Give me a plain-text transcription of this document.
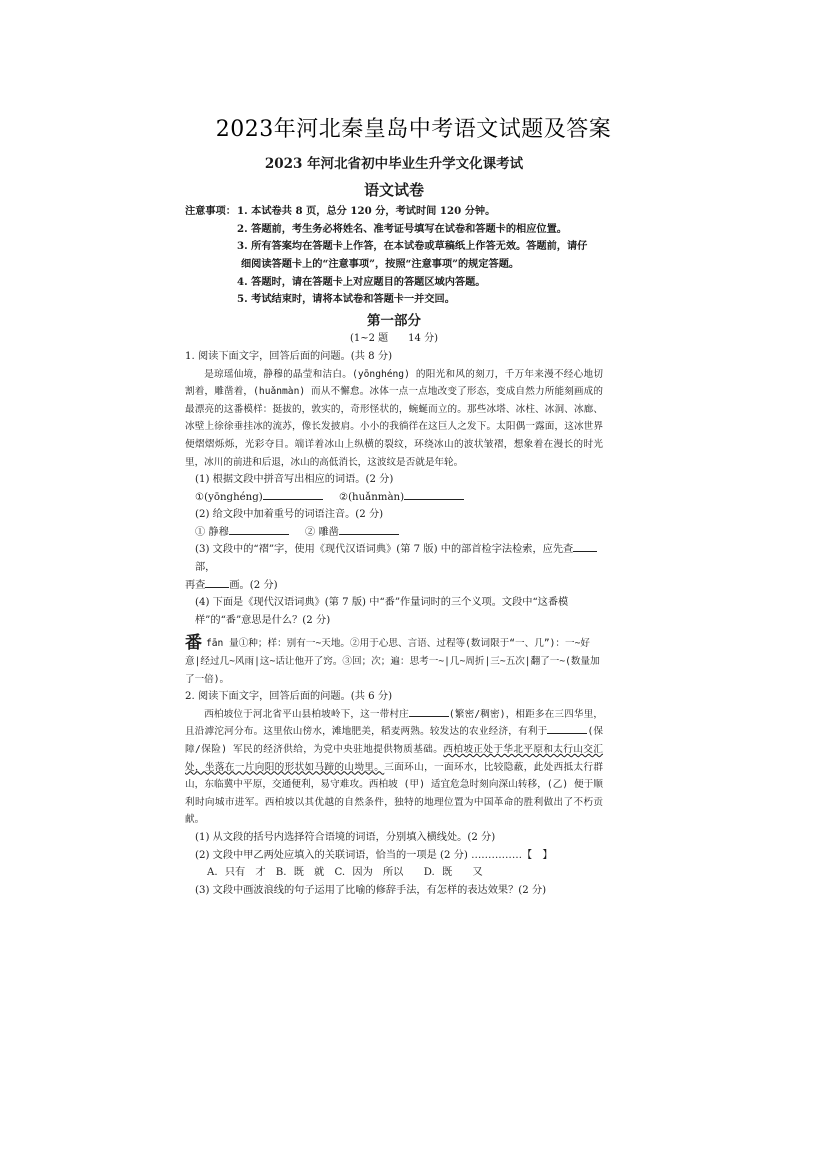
2023年河北秦皇岛中考语文试题及答案
2023 年河北省初中毕业生升学文化课考试
语文试卷
注意事项： 1. 本试卷共 8 页，总分 120 分，考试时间 120 分钟。
2. 答题前，考生务必将姓名、准考证号填写在试卷和答题卡的相应位置。
3. 所有答案均在答题卡上作答，在本试卷或草稿纸上作答无效。答题前，请仔
细阅读答题卡上的“注意事项”，按照“注意事项”的规定答题。
4. 答题时，请在答题卡上对应题目的答题区域内答题。
5. 考试结束时，请将本试卷和答题卡一并交回。
第一部分
(1~2 题　　14 分)
1. 阅读下面文字，回答后面的问题。(共 8 分)
是琼瑶仙境，静穆的晶莹和洁白。(yōnghéng) 的阳光和风的刻刀，千万年来漫不经心地切割着，雕凿着，(huǎnmàn) 而从不懈怠。冰体一点一点地改变了形态，变成自然力所能刻画成的最漂亮的这番模样：挺拔的，敦实的，奇形怪状的，蜿蜒而立的。那些冰塔、冰柱、冰洞、冰廊、冰壁上徐徐垂挂冰的流苏，像长发披肩。小小的我徜徉在这巨人之发下。太阳偶一露面，这冰世界便熠熠烁烁，光彩夺目。端详着冰山上纵横的裂纹，环绕冰山的波状皱褶，想象着在漫长的时光里，冰川的前进和后退，冰山的高低消长，这波纹是否就是年轮。
(1) 根据文段中拼音写出相应的词语。(2 分)
①(yōnghéng)	②(huǎnmàn)
(2) 给文段中加着重号的词语注音。(2 分)
① 静穆	② 雕凿
(3) 文段中的“褶”字，使用《现代汉语词典》(第 7 版) 中的部首检字法检索，应先查部，
再查 画。(2 分)
(4) 下面是《现代汉语词典》(第 7 版) 中“番”作量词时的三个义项。文段中“这番模样”的“番”意思是什么？(2 分)
番fān 量①种；样：别有一~天地。②用于心思、言语、过程等(数词限于“一、几”)：一~好意|经过几~风雨|这~话让他开了窍。③回；次；遍：思考一~|几~周折|三~五次|翻了一~(数量加了一倍)。
2. 阅读下面文字，回答后面的问题。(共 6 分)
西柏坡位于河北省平山县柏坡岭下，这一带村庄	(繁密/稠密)，相距多在三四华里，且沿滹沱河分布。这里依山傍水，滩地肥美，稻麦两熟。较发达的农业经济，有利于	(保障/保险) 军民的经济供给，为党中央驻地提供物质基础。西柏坡正处于华北平原和太行山交汇处，坐落在一片向阳的形状如马蹄的山坳里。三面环山，一面环水，比较隐蔽，此处西抵太行群山，东临冀中平原，交通便利，易守难攻。西柏坡 (甲) 适宜危急时刻向深山转移，(乙) 便于顺利时向城市进军。西柏坡以其优越的自然条件，独特的地理位置为中国革命的胜利做出了不朽贡献。
(1) 从文段的括号内选择符合语境的词语，分别填入横线处。(2 分)
(2) 文段中甲乙两处应填入的关联词语，恰当的一项是 (2 分) ……………【　】
A. 只有　才　B. 既　就　C. 因为　所以　　D. 既　　又
(3) 文段中画波浪线的句子运用了比喻的修辞手法，有怎样的表达效果？(2 分)
